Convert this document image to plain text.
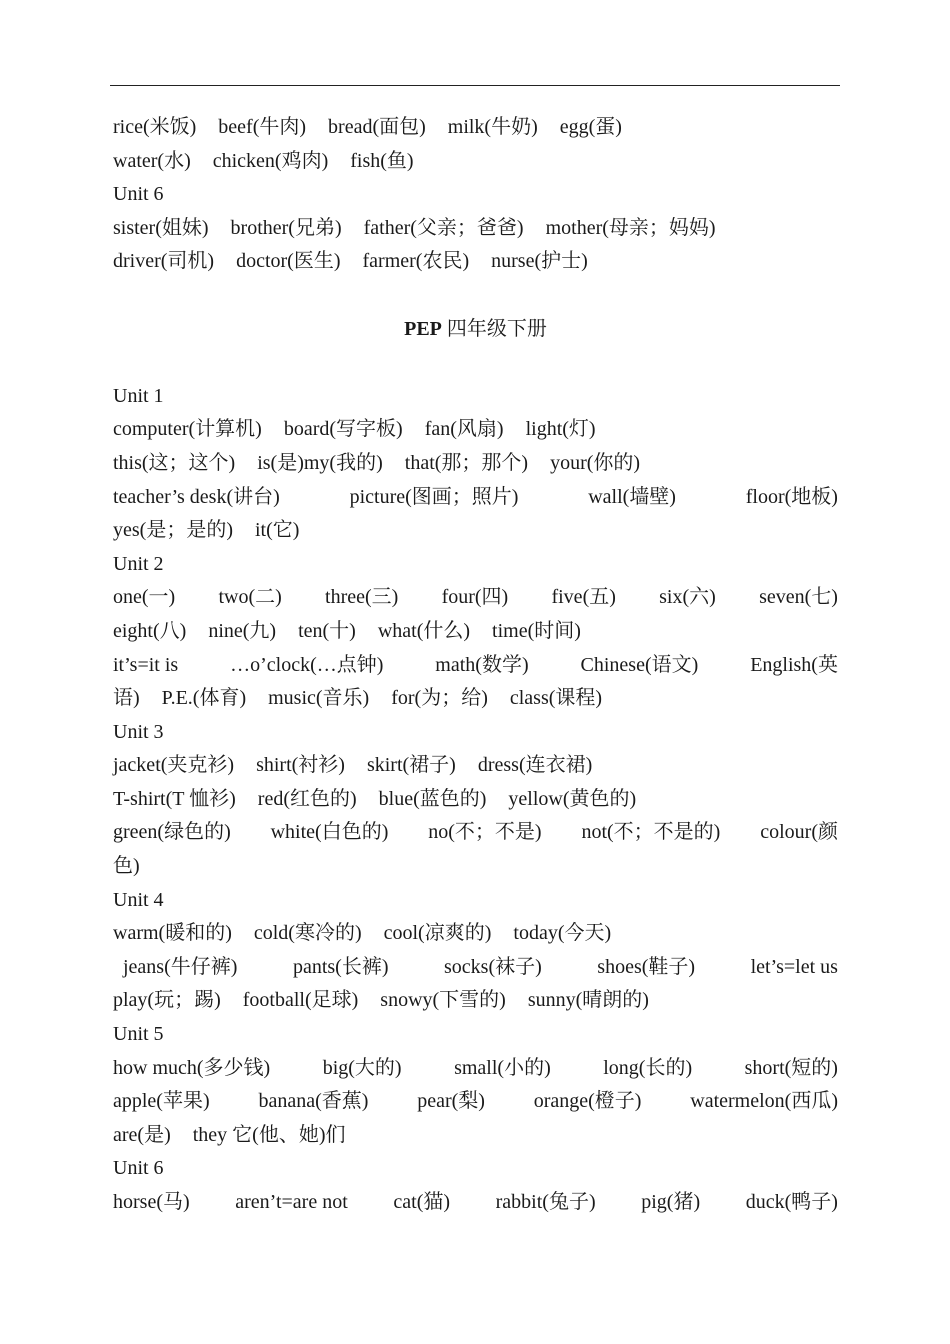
rice(米饭) beef(牛肉) bread(面包) milk(牛奶) egg(蛋)
water(水) chicken(鸡肉) fish(鱼)
Unit 6
sister(姐妹) brother(兄弟) father(父亲；爸爸) mother(母亲；妈妈)
driver(司机) doctor(医生) farmer(农民) nurse(护士)
PEP 四年级下册
Unit 1
computer(计算机) board(写字板) fan(风扇) light(灯)
this(这；这个) is(是)my(我的) that(那；那个) your(你的)
teacher’s desk(讲台)	picture(图画；照片)	wall(墙壁)	floor(地板)
yes(是；是的) it(它)
Unit 2
one(一) two(二) three(三) four(四) five(五) six(六) seven(七)
eight(八) nine(九) ten(十) what(什么) time(时间)
it’s=it is	…o’clock(…点钟)	math(数学)	Chinese(语文)	English(英
语) P.E.(体育) music(音乐) for(为；给) class(课程)
Unit 3
jacket(夹克衫) shirt(衬衫) skirt(裙子) dress(连衣裙)
T-shirt(T 恤衫) red(红色的) blue(蓝色的) yellow(黄色的)
green(绿色的) white(白色的) no(不；不是) not(不；不是的) colour(颜
色)
Unit 4
warm(暖和的) cold(寒冷的) cool(凉爽的) today(今天)
jeans(牛仔裤)	pants(长裤)	socks(袜子)	shoes(鞋子)	let’s=let us
play(玩；踢) football(足球) snowy(下雪的) sunny(晴朗的)
Unit 5
how much(多少钱)	big(大的)	small(小的)	long(长的)	short(短的)
apple(苹果) banana(香蕉) pear(梨) orange(橙子) watermelon(西瓜)
are(是) they 它(他、她)们
Unit 6
horse(马) aren’t=are not cat(猫) rabbit(兔子) pig(猪) duck(鸭子)
